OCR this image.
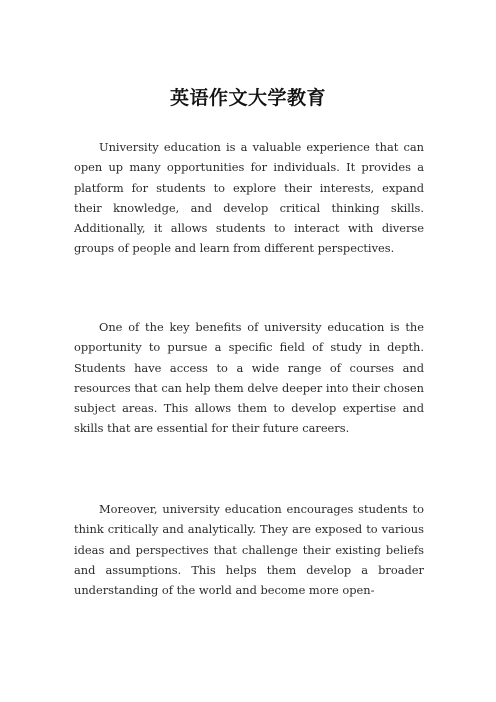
英语作文大学教育

University education is a valuable experience that can open up many opportunities for individuals. It provides a platform for students to explore their interests, expand their knowledge, and develop critical thinking skills. Additionally, it allows students to interact with diverse groups of people and learn from different perspectives.

One of the key benefits of university education is the opportunity to pursue a specific field of study in depth. Students have access to a wide range of courses and resources that can help them delve deeper into their chosen subject areas. This allows them to develop expertise and skills that are essential for their future careers.

Moreover, university education encourages students to think critically and analytically. They are exposed to various ideas and perspectives that challenge their existing beliefs and assumptions. This helps them develop a broader understanding of the world and become more open-
